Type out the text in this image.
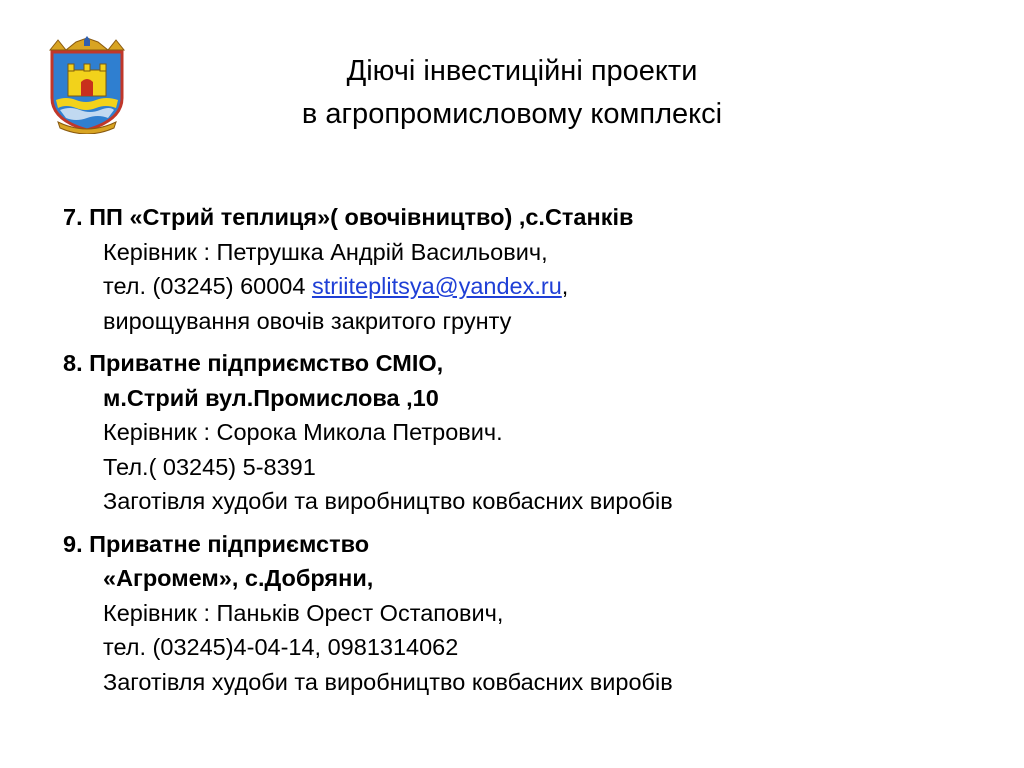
Діючі інвестиційні проекти
в агропромисловому комплексі
7. ПП «Стрий теплиця»( овочівництво) ,с.Станків
Керівник : Петрушка Андрій Васильович,
тел. (03245) 60004 striiteplitsya@yandex.ru,
вирощування овочів закритого грунту
8. Приватне підприємство СМІО,
м.Стрий вул.Промислова ,10
Керівник : Сорока Микола Петрович.
Тел.( 03245) 5-8391
Заготівля худоби та виробництво ковбасних виробів
9. Приватне підприємство
«Агромем», с.Добряни,
Керівник : Паньків Орест Остапович,
тел. (03245)4-04-14, 0981314062
Заготівля худоби та виробництво ковбасних виробів
